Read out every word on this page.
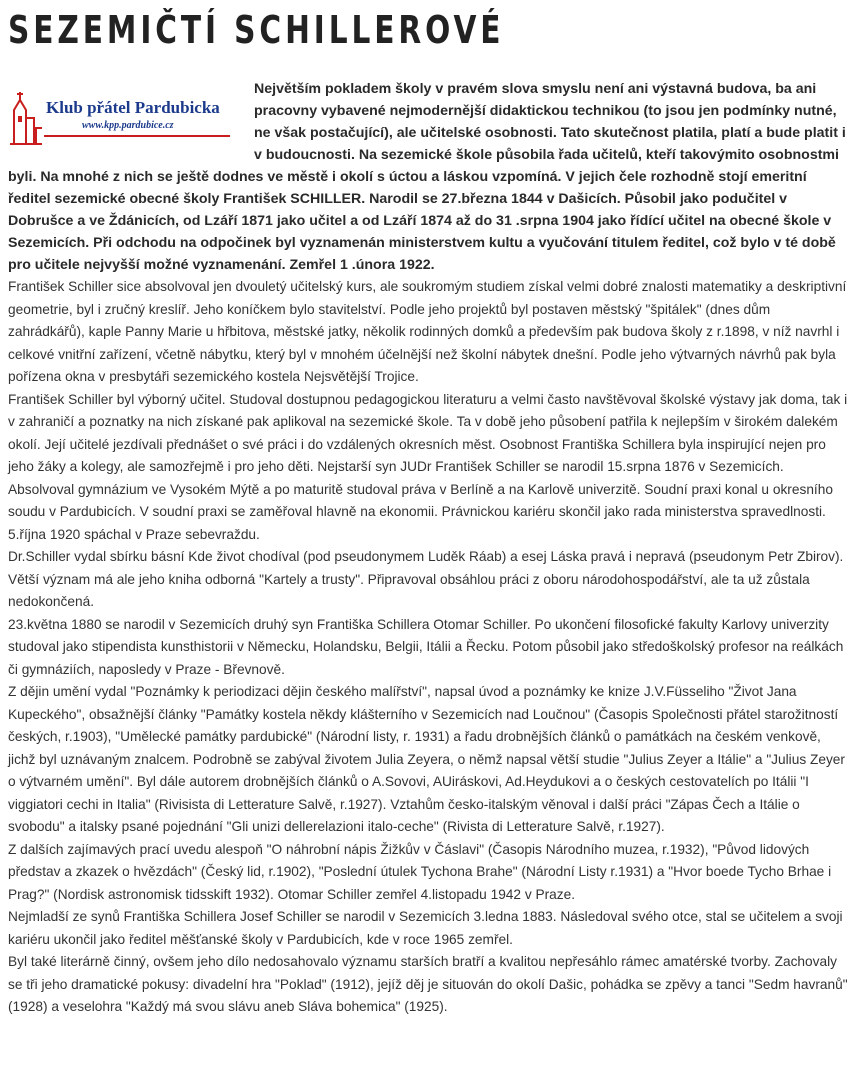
SEZEMIČTÍ SCHILLEROVÉ
Klub přátel Pardubicka
www.kpp.pardubice.cz

Největším pokladem školy v pravém slova smyslu není ani výstavná budova, ba ani pracovny vybavené nejmodernější didaktickou technikou (to jsou jen podmínky nutné, ne však postačující), ale učitelské osobnosti. Tato skutečnost platila, platí a bude platit i v budoucnosti. Na sezemické škole působila řada učitelů, kteří takovýmito osobnostmi byli. Na mnohé z nich se ještě dodnes ve městě i okolí s úctou a láskou vzpomíná. V jejich čele rozhodně stojí emeritní ředitel sezemické obecné školy František SCHILLER. Narodil se 27.března 1844 v Dašicích. Působil jako podučitel v Dobrušce a ve Ždánicích, od Lzáří 1871 jako učitel a od Lzáří 1874 až do 31 .srpna 1904 jako řídící učitel na obecné škole v Sezemicích. Při odchodu na odpočinek byl vyznamenán ministerstvem kultu a vyučování titulem ředitel, což bylo v té době pro učitele nejvyšší možné vyznamenání. Zemřel 1 .února 1922.

František Schiller sice absolvoval jen dvouletý učitelský kurs, ale soukromým studiem získal velmi dobré znalosti matematiky a deskriptivní geometrie, byl i zručný kreslíř. Jeho koníčkem bylo stavitelství. Podle jeho projektů byl postaven městský "špitálek" (dnes dům zahrádkářů), kaple Panny Marie u hřbitova, městské jatky, několik rodinných domků a především pak budova školy z r.1898, v níž navrhl i celkové vnitřní zařízení, včetně nábytku, který byl v mnohém účelnější než školní nábytek dnešní. Podle jeho výtvarných návrhů pak byla pořízena okna v presbytáři sezemického kostela Nejsvětější Trojice.
František Schiller byl výborný učitel. Studoval dostupnou pedagogickou literaturu a velmi často navštěvoval školské výstavy jak doma, tak i v zahraničí a poznatky na nich získané pak aplikoval na sezemické škole. Ta v době jeho působení patřila k nejlepším v širokém dalekém okolí. Její učitelé jezdívali přednášet o své práci i do vzdálených okresních měst. Osobnost Františka Schillera byla inspirující nejen pro jeho žáky a kolegy, ale samozřejmě i pro jeho děti. Nejstarší syn JUDr František Schiller se narodil 15.srpna 1876 v Sezemicích. Absolvoval gymnázium ve Vysokém Mýtě a po maturitě studoval práva v Berlíně a na Karlově univerzitě. Soudní praxi konal u okresního soudu v Pardubicích. V soudní praxi se zaměřoval hlavně na ekonomii. Právnickou kariéru skončil jako rada ministerstva spravedlnosti. 5.října 1920 spáchal v Praze sebevraždu.
Dr.Schiller vydal sbírku básní Kde život chodíval (pod pseudonymem Luděk Ráab) a esej Láska pravá i nepravá (pseudonym Petr Zbirov). Větší význam má ale jeho kniha odborná "Kartely a trusty". Připravoval obsáhlou práci z oboru národohospodářství, ale ta už zůstala nedokončená.
23.května 1880 se narodil v Sezemicích druhý syn Františka Schillera Otomar Schiller. Po ukončení filosofické fakulty Karlovy univerzity studoval jako stipendista kunsthistorii v Německu, Holandsku, Belgii, Itálii a Řecku. Potom působil jako středoškolský profesor na reálkách či gymnáziích, naposledy v Praze - Břevnově.
Z dějin umění vydal "Poznámky k periodizaci dějin českého malířství", napsal úvod a poznámky ke knize J.V.Füsseliho "Život Jana Kupeckého", obsažnější články "Památky kostela někdy klášterního v Sezemicích nad Loučnou" (Časopis Společnosti přátel starožitností českých, r.1903), "Umělecké památky pardubické" (Národní listy, r. 1931) a řadu drobnějších článků o památkách na českém venkově, jichž byl uznávaným znalcem. Podrobně se zabýval životem Julia Zeyera, o němž napsal větší studie "Julius Zeyer a Itálie" a "Julius Zeyer o výtvarném umění". Byl dále autorem drobnějších článků o A.Sovovi, AUiráskovi, Ad.Heydukovi a o českých cestovatelích po Itálii "I viggiatori cechi in Italia" (Rivisista di Letterature Salvě, r.1927). Vztahům česko-italským věnoval i další práci "Zápas Čech a Itálie o svobodu" a italsky psané pojednání "Gli unizi dellerelazioni italo-ceche" (Rivista di Letterature Salvě, r.1927).
Z dalších zajímavých prací uvedu alespoň "O náhrobní nápis Žižkův v Čáslavi" (Časopis Národního muzea, r.1932), "Původ lidových představ a zkazek o hvězdách" (Český lid, r.1902), "Poslední útulek Tychona Brahe" (Národní Listy r.1931) a "Hvor boede Tycho Brhae i Prag?" (Nordisk astronomisk tidsskift 1932). Otomar Schiller zemřel 4.listopadu 1942 v Praze.
Nejmladší ze synů Františka Schillera Josef Schiller se narodil v Sezemicích 3.ledna 1883. Následoval svého otce, stal se učitelem a svoji kariéru ukončil jako ředitel měšťanské školy v Pardubicích, kde v roce 1965 zemřel.
Byl také literárně činný, ovšem jeho dílo nedosahovalo významu starších bratří a kvalitou nepřesáhlo rámec amatérské tvorby. Zachovaly se tři jeho dramatické pokusy: divadelní hra "Poklad" (1912), jejíž děj je situován do okolí Dašic, pohádka se zpěvy a tanci "Sedm havranů" (1928) a veselohra "Každý má svou slávu aneb Sláva bohemica" (1925).
